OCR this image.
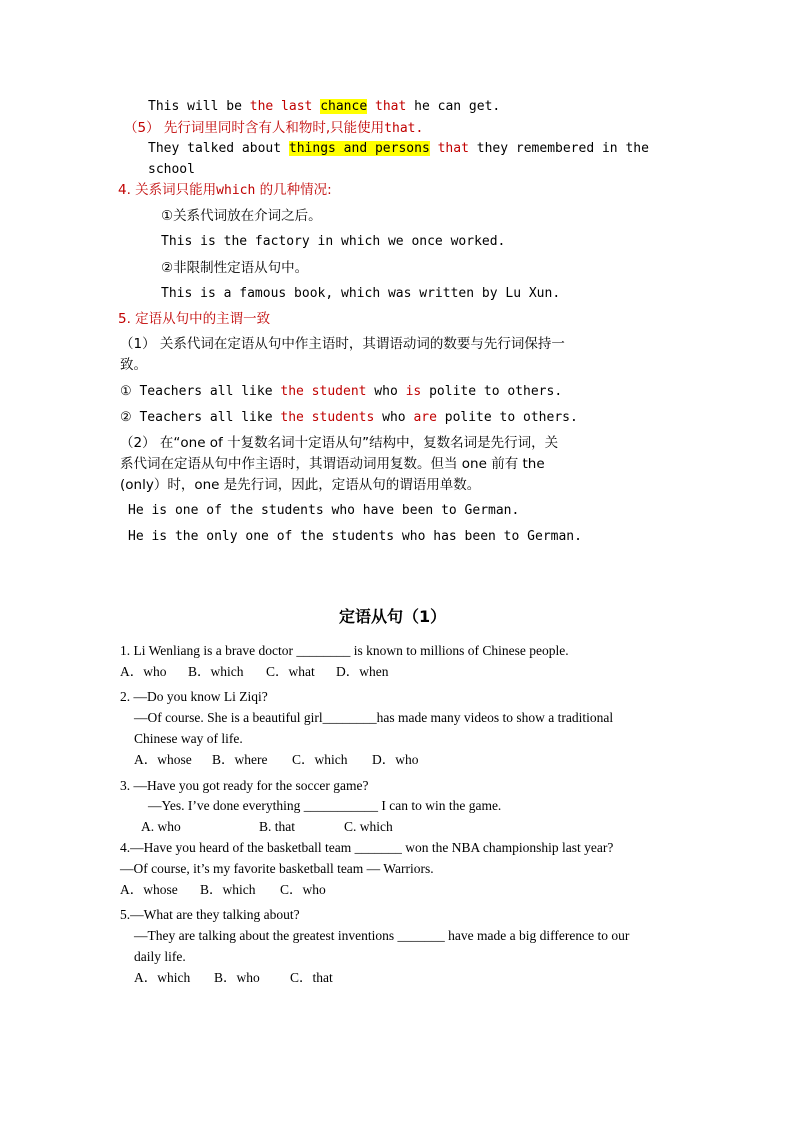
This will be the last chance that he can get.
（5） 先行词里同时含有人和物时,只能使用that.
They talked about things and persons that they remembered in the
school
4. 关系词只能用which 的几种情况:
①关系代词放在介词之后。
This is the factory in which we once worked.
②非限制性定语从句中。
This is a famous book, which was written by Lu Xun.
5. 定语从句中的主谓一致
（1） 关系代词在定语从句中作主语时，其谓语动词的数要与先行词保持一
致。
① Teachers all like the student who is polite to others.
② Teachers all like the students who are polite to others.
（2） 在“one of 十复数名词十定语从句”结构中，复数名词是先行词，关
系代词在定语从句中作主语时，其谓语动词用复数。但当 one 前有 the
(only）时，one 是先行词，因此，定语从句的谓语用单数。
He is one of the students who have been to German.
He is the only one of the students who has been to German.
定语从句（1）
1. Li Wenliang is a brave doctor ________ is known to millions of Chinese people.
A．who B．which C．what D．when
2. —Do you know Li Ziqi?
—Of course. She is a beautiful girl________has made many videos to show a traditional
Chinese way of life.
A．whose B．where C．which D．who
3. —Have you got ready for the soccer game?
—Yes. I’ve done everything ___________ I can to win the game.
A. who	B. that	C. which
4.—Have you heard of the basketball team _______ won the NBA championship last year?
—Of course, it’s my favorite basketball team — Warriors.
A．whose B．which C．who
5.—What are they talking about?
—They are talking about the greatest inventions _______ have made a big difference to our
daily life.
A．which B．who C．that
